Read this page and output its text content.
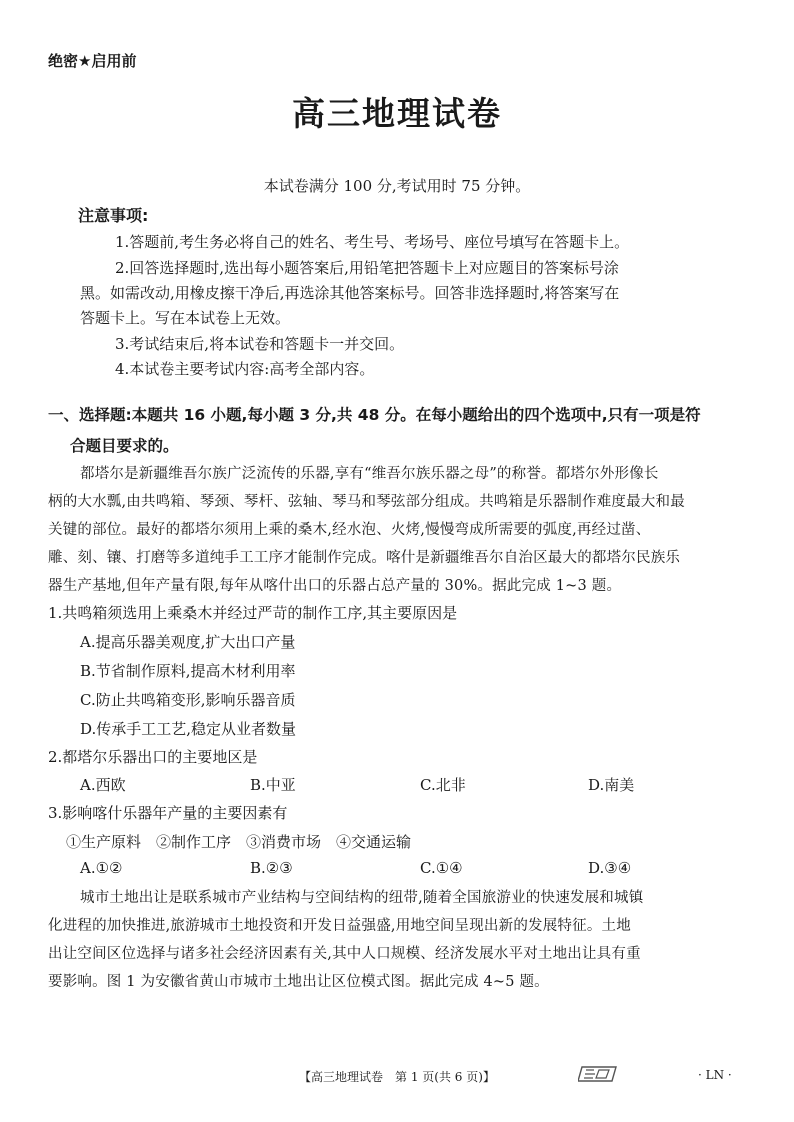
绝密★启用前
高三地理试卷
本试卷满分 100 分,考试用时 75 分钟。
注意事项:
1.答题前,考生务必将自己的姓名、考生号、考场号、座位号填写在答题卡上。
2.回答选择题时,选出每小题答案后,用铅笔把答题卡上对应题目的答案标号涂
黑。如需改动,用橡皮擦干净后,再选涂其他答案标号。回答非选择题时,将答案写在
答题卡上。写在本试卷上无效。
3.考试结束后,将本试卷和答题卡一并交回。
4.本试卷主要考试内容:高考全部内容。
一、选择题:本题共 16 小题,每小题 3 分,共 48 分。在每小题给出的四个选项中,只有一项是符
合题目要求的。
都塔尔是新疆维吾尔族广泛流传的乐器,享有“维吾尔族乐器之母”的称誉。都塔尔外形像长
柄的大水瓢,由共鸣箱、琴颈、琴杆、弦轴、琴马和琴弦部分组成。共鸣箱是乐器制作难度最大和最
关键的部位。最好的都塔尔须用上乘的桑木,经水泡、火烤,慢慢弯成所需要的弧度,再经过凿、
雕、刻、镶、打磨等多道纯手工工序才能制作完成。喀什是新疆维吾尔自治区最大的都塔尔民族乐
器生产基地,但年产量有限,每年从喀什出口的乐器占总产量的 30%。据此完成 1~3 题。
1.共鸣箱须选用上乘桑木并经过严苛的制作工序,其主要原因是
A.提高乐器美观度,扩大出口产量
B.节省制作原料,提高木材利用率
C.防止共鸣箱变形,影响乐器音质
D.传承手工工艺,稳定从业者数量
2.都塔尔乐器出口的主要地区是
A.西欧	B.中亚	C.北非	D.南美
3.影响喀什乐器年产量的主要因素有
①生产原料　②制作工序　③消费市场　④交通运输
A.①②	B.②③	C.①④	D.③④
城市土地出让是联系城市产业结构与空间结构的纽带,随着全国旅游业的快速发展和城镇
化进程的加快推进,旅游城市土地投资和开发日益强盛,用地空间呈现出新的发展特征。土地
出让空间区位选择与诸多社会经济因素有关,其中人口规模、经济发展水平对土地出让具有重
要影响。图 1 为安徽省黄山市城市土地出让区位模式图。据此完成 4~5 题。
【高三地理试卷　第 1 页(共 6 页)】	· LN ·
